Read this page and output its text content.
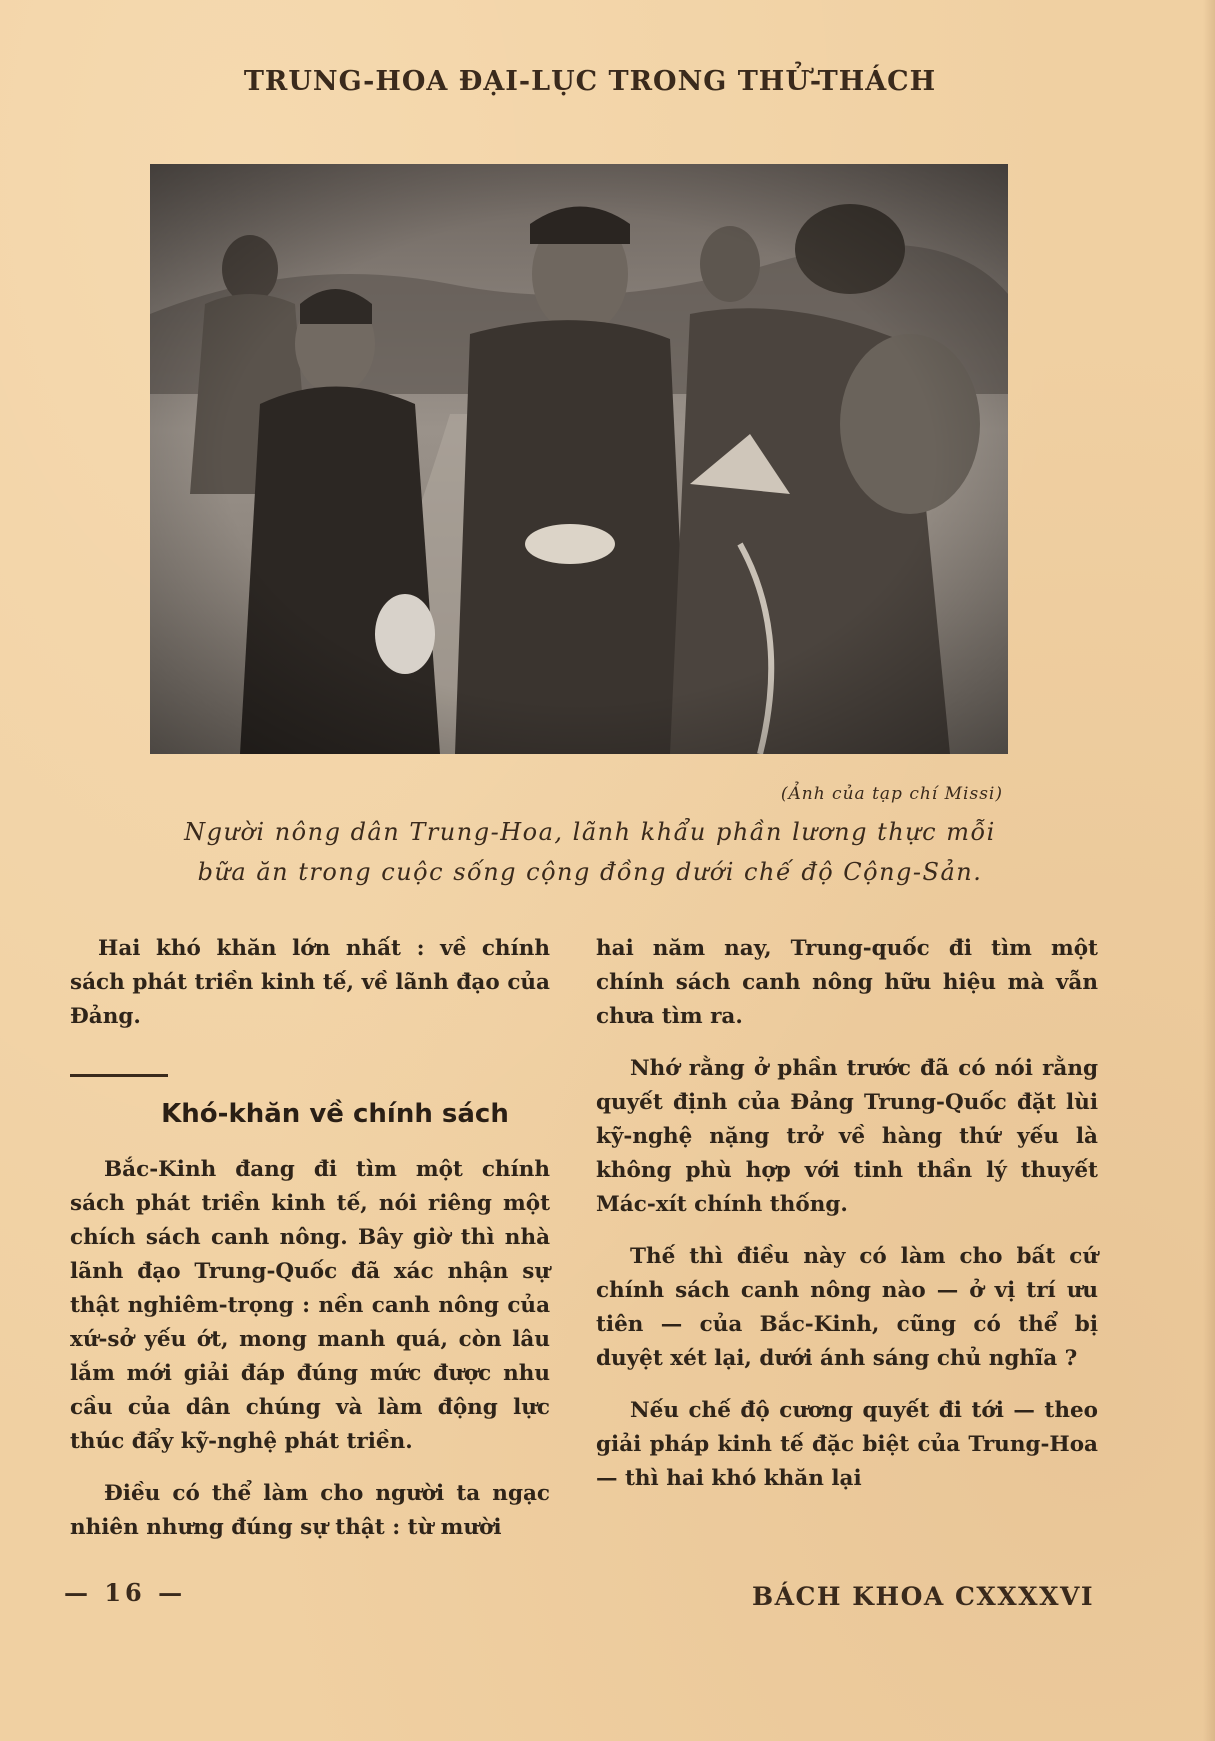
TRUNG-HOA ĐẠI-LỤC TRONG THỬ-THÁCH
(Ảnh của tạp chí Missi)
Người nông dân Trung-Hoa, lãnh khẩu phần lương thực mỗi bữa ăn trong cuộc sống cộng đồng dưới chế độ Cộng-Sản.

Hai khó khăn lớn nhất : về chính sách phát triền kinh tế, về lãnh đạo của Đảng.

Khó-khăn về chính sách

Bắc-Kinh đang đi tìm một chính sách phát triền kinh tế, nói riêng một chích sách canh nông. Bây giờ thì nhà lãnh đạo Trung-Quốc đã xác nhận sự thật nghiêm-trọng : nền canh nông của xứ-sở yếu ớt, mong manh quá, còn lâu lắm mới giải đáp đúng mức được nhu cầu của dân chúng và làm động lực thúc đẩy kỹ-nghệ phát triền.

Điều có thể làm cho người ta ngạc nhiên nhưng đúng sự thật : từ mười

hai năm nay, Trung-quốc đi tìm một chính sách canh nông hữu hiệu mà vẫn chưa tìm ra.

Nhớ rằng ở phần trước đã có nói rằng quyết định của Đảng Trung-Quốc đặt lùi kỹ-nghệ nặng trở về hàng thứ yếu là không phù hợp với tinh thần lý thuyết Mác-xít chính thống.

Thế thì điều này có làm cho bất cứ chính sách canh nông nào — ở vị trí ưu tiên — của Bắc-Kinh, cũng có thể bị duyệt xét lại, dưới ánh sáng chủ nghĩa ?

Nếu chế độ cương quyết đi tới — theo giải pháp kinh tế đặc biệt của Trung-Hoa — thì hai khó khăn lại

— 16 —	BÁCH KHOA CXXXXVI
